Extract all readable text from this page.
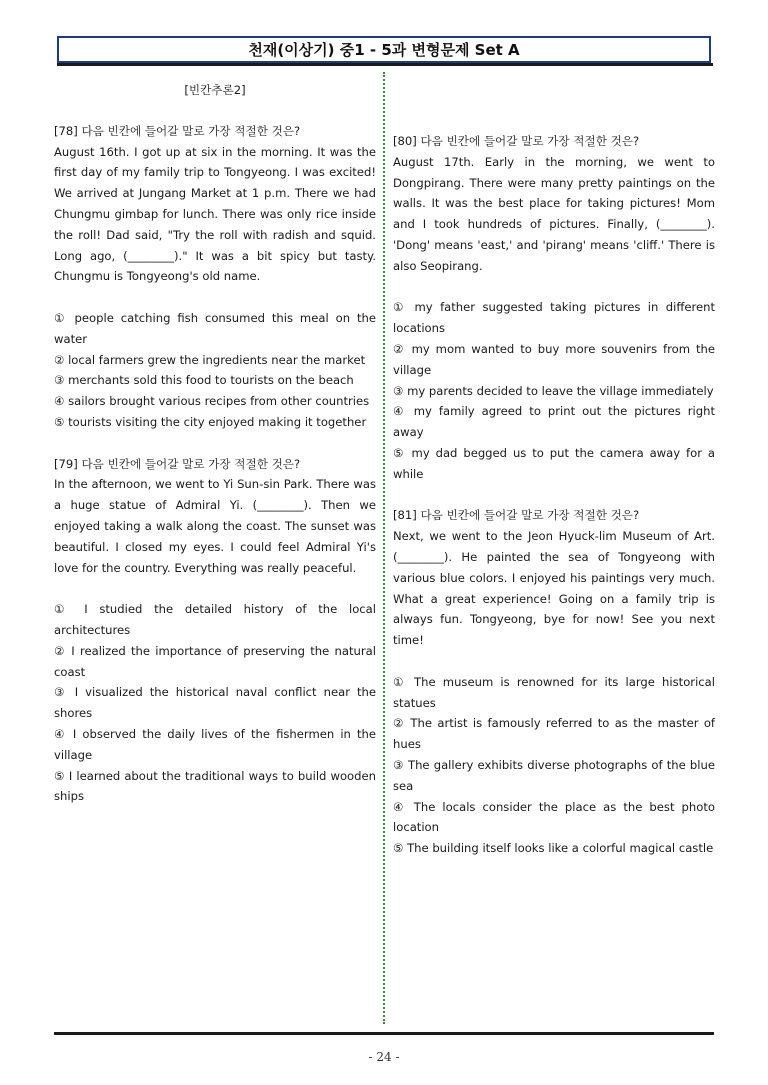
천재(이상기) 중1 - 5과 변형문제 Set A

[빈칸추론2]

[78] 다음 빈칸에 들어갈 말로 가장 적절한 것은?

August 16th. I got up at six in the morning. It was the first day of my family trip to Tongyeong. I was excited! We arrived at Jungang Market at 1 p.m. There we had Chungmu gimbap for lunch. There was only rice inside the roll! Dad said, "Try the roll with radish and squid. Long ago, (________)." It was a bit spicy but tasty. Chungmu is Tongyeong's old name.

① people catching fish consumed this meal on the water

② local farmers grew the ingredients near the market

③ merchants sold this food to tourists on the beach

④ sailors brought various recipes from other countries

⑤ tourists visiting the city enjoyed making it together

[79] 다음 빈칸에 들어갈 말로 가장 적절한 것은?

In the afternoon, we went to Yi Sun-sin Park. There was a huge statue of Admiral Yi. (________). Then we enjoyed taking a walk along the coast. The sunset was beautiful. I closed my eyes. I could feel Admiral Yi's love for the country. Everything was really peaceful.

① I studied the detailed history of the local architectures

② I realized the importance of preserving the natural coast

③ I visualized the historical naval conflict near the shores

④ I observed the daily lives of the fishermen in the village

⑤ I learned about the traditional ways to build wooden ships

[80] 다음 빈칸에 들어갈 말로 가장 적절한 것은?

August 17th. Early in the morning, we went to Dongpirang. There were many pretty paintings on the walls. It was the best place for taking pictures! Mom and I took hundreds of pictures. Finally, (________). 'Dong' means 'east,' and 'pirang' means 'cliff.' There is also Seopirang.

① my father suggested taking pictures in different locations

② my mom wanted to buy more souvenirs from the village

③ my parents decided to leave the village immediately

④ my family agreed to print out the pictures right away

⑤ my dad begged us to put the camera away for a while

[81] 다음 빈칸에 들어갈 말로 가장 적절한 것은?

Next, we went to the Jeon Hyuck-lim Museum of Art. (________). He painted the sea of Tongyeong with various blue colors. I enjoyed his paintings very much. What a great experience! Going on a family trip is always fun. Tongyeong, bye for now! See you next time!

① The museum is renowned for its large historical statues

② The artist is famously referred to as the master of hues

③ The gallery exhibits diverse photographs of the blue sea

④ The locals consider the place as the best photo location

⑤ The building itself looks like a colorful magical castle

- 24 -
